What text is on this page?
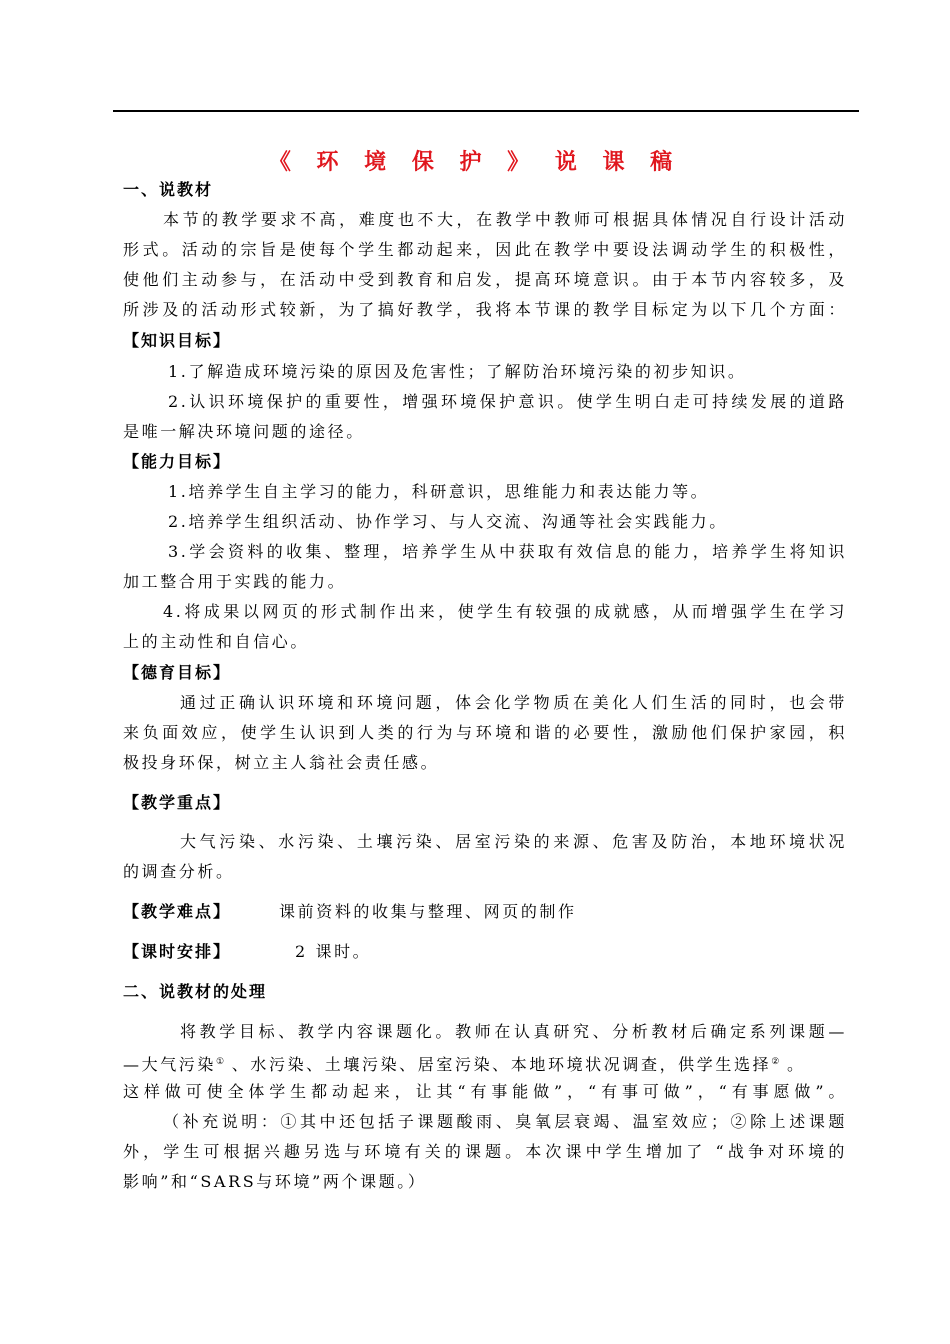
《 环 境 保 护 》 说 课 稿
一、说教材
本节的教学要求不高，难度也不大，在教学中教师可根据具体情况自行设计活动
形式。活动的宗旨是使每个学生都动起来，因此在教学中要设法调动学生的积极性，
使他们主动参与，在活动中受到教育和启发，提高环境意识。由于本节内容较多，及
所涉及的活动形式较新，为了搞好教学，我将本节课的教学目标定为以下几个方面：
【知识目标】
1.了解造成环境污染的原因及危害性；了解防治环境污染的初步知识。
2.认识环境保护的重要性，增强环境保护意识。使学生明白走可持续发展的道路
是唯一解决环境问题的途径。
【能力目标】
1.培养学生自主学习的能力，科研意识，思维能力和表达能力等。
2.培养学生组织活动、协作学习、与人交流、沟通等社会实践能力。
3.学会资料的收集、整理，培养学生从中获取有效信息的能力，培养学生将知识
加工整合用于实践的能力。
4.将成果以网页的形式制作出来，使学生有较强的成就感，从而增强学生在学习
上的主动性和自信心。
【德育目标】
通过正确认识环境和环境问题，体会化学物质在美化人们生活的同时，也会带
来负面效应，使学生认识到人类的行为与环境和谐的必要性，激励他们保护家园，积
极投身环保，树立主人翁社会责任感。
【教学重点】
大气污染、水污染、土壤污染、居室污染的来源、危害及防治，本地环境状况
的调查分析。
【教学难点】	课前资料的收集与整理、网页的制作
【课时安排】	2 课时。
二、说教材的处理
将教学目标、教学内容课题化。教师在认真研究、分析教材后确定系列课题—
—大气污染① 、水污染、土壤污染、居室污染、本地环境状况调查，供学生选择② 。
这样做可使全体学生都动起来，让其“有事能做”，“有事可做”，“有事愿做”。
（补充说明：①其中还包括子课题酸雨、臭氧层衰竭、温室效应；②除上述课题
外，学生可根据兴趣另选与环境有关的课题。本次课中学生增加了 “战争对环境的
影响”和“SARS与环境”两个课题。）
